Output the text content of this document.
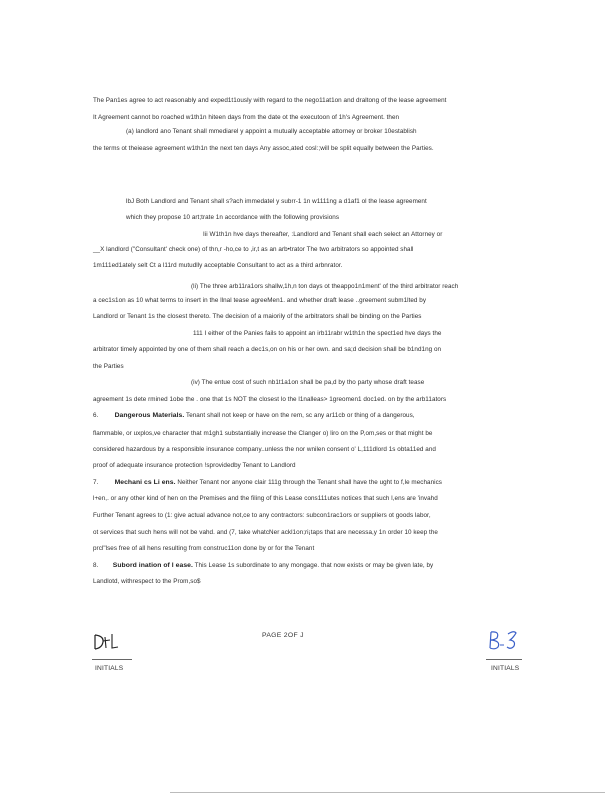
The Pan1es agree to act reasonably and exped1t1ously with regard to the nego11at1on and draltong of the lease agreement
It Agreement cannot bo roached w1th1n hiteen days from the date ot the executoon of 1h's Agreement. then
(a) landlord ano Tenant shall mmediarel y appoint a mutually acceptable attorney or broker 10establish
the terms ot theiease agreement w1th1n the next ten days Any assoc,ated cosl:;will be split equally between the Parties.
lbJ Both Landlord and Tenant shall s?ach immedatel y subrr-1 1n w1111ng a d1af1 ol the lease agreement
which they propose 10 art;trate 1n accordance with the following provisions
Iii W1th1n hve days thereafter, :Landlord and Tenant shall each select an Attorney or
__X landlord ("Consultant' check one) of thn,r -ho,ce to ,ir,t as an arb•trator The two arbitrators so appointed shall
1m111ed1ately selt Ct a l11rd mutudlly acceptable Consultant to act as a third arbnrator.
(li) The three arb11ra1ors shallw,1h,n ton days ot theappo1n1ment' of the third arbitrator reach
a cec1s1on as 10 what terms to insert in the llnal tease agreeMen1. and whether draft lease ..greement subm1lted by
Landlord or Tenant 1s the closest thereto. The decision of a maiorily of the arbitrators shall be binding on the Parties
111 I either of the Panies fails to appoint an irb11rabr w1th1n the spect1ed hve days the
arbitrator timely appointed by one of them shall reach a dec1s,on on his or her own. and sa;d decision shall be b1nd1ng on
the Parties
(iv) The entue cost of such nb1t1a1on shall be pa,d by tho party whose draft tease
agreement 1s dete rmined 1obe the . one that 1s NOT the closest lo the l1nalleas> 1greomen1 doc1ed. on by the arb11ators
6. Dangerous Materials. Tenant shall not keep or have on the rem, sc any ar11cb or thing of a dangerous,
flammable, or uxplos,ve character that m1gh1 substantially increase the Clanger o) liro on the P,om,ses or that might be
considered hazardous by a responsible insurance company..unless the nor wnilen consent o' L,111dlord 1s obta11ed and
proof of adequate insurance protection !sprovidedby Tenant to Landlord
7. Mechani cs Li ens. Neither Tenant nor anyone clair 111g through the Tenant shall have the ught to f,le mechanics
l+en,. or any other kind of hen on the Premises and the filing of this Lease cons111utes notices that such l,ens are 'invahd
Further Tenant agrees to (1: give actual advance not,ce to any contractors: subcon1rac1ors or suppliers ot goods labor,
ot services that such hens will not be vahd. and (7, take whatcNer ackl1on;ri¡taps that are necessa,y 1n order 10 keep the
prcl"lses free of all hens resulting from construc11on done by or for the Tenant
8. Subord ination of l ease. This Lease 1s subordinate to any mongage. that now exists or may be given late, by
Landlotd, withrespect to the Prom,so$
PAGE 2OF J
INITIALS	INITIALS
